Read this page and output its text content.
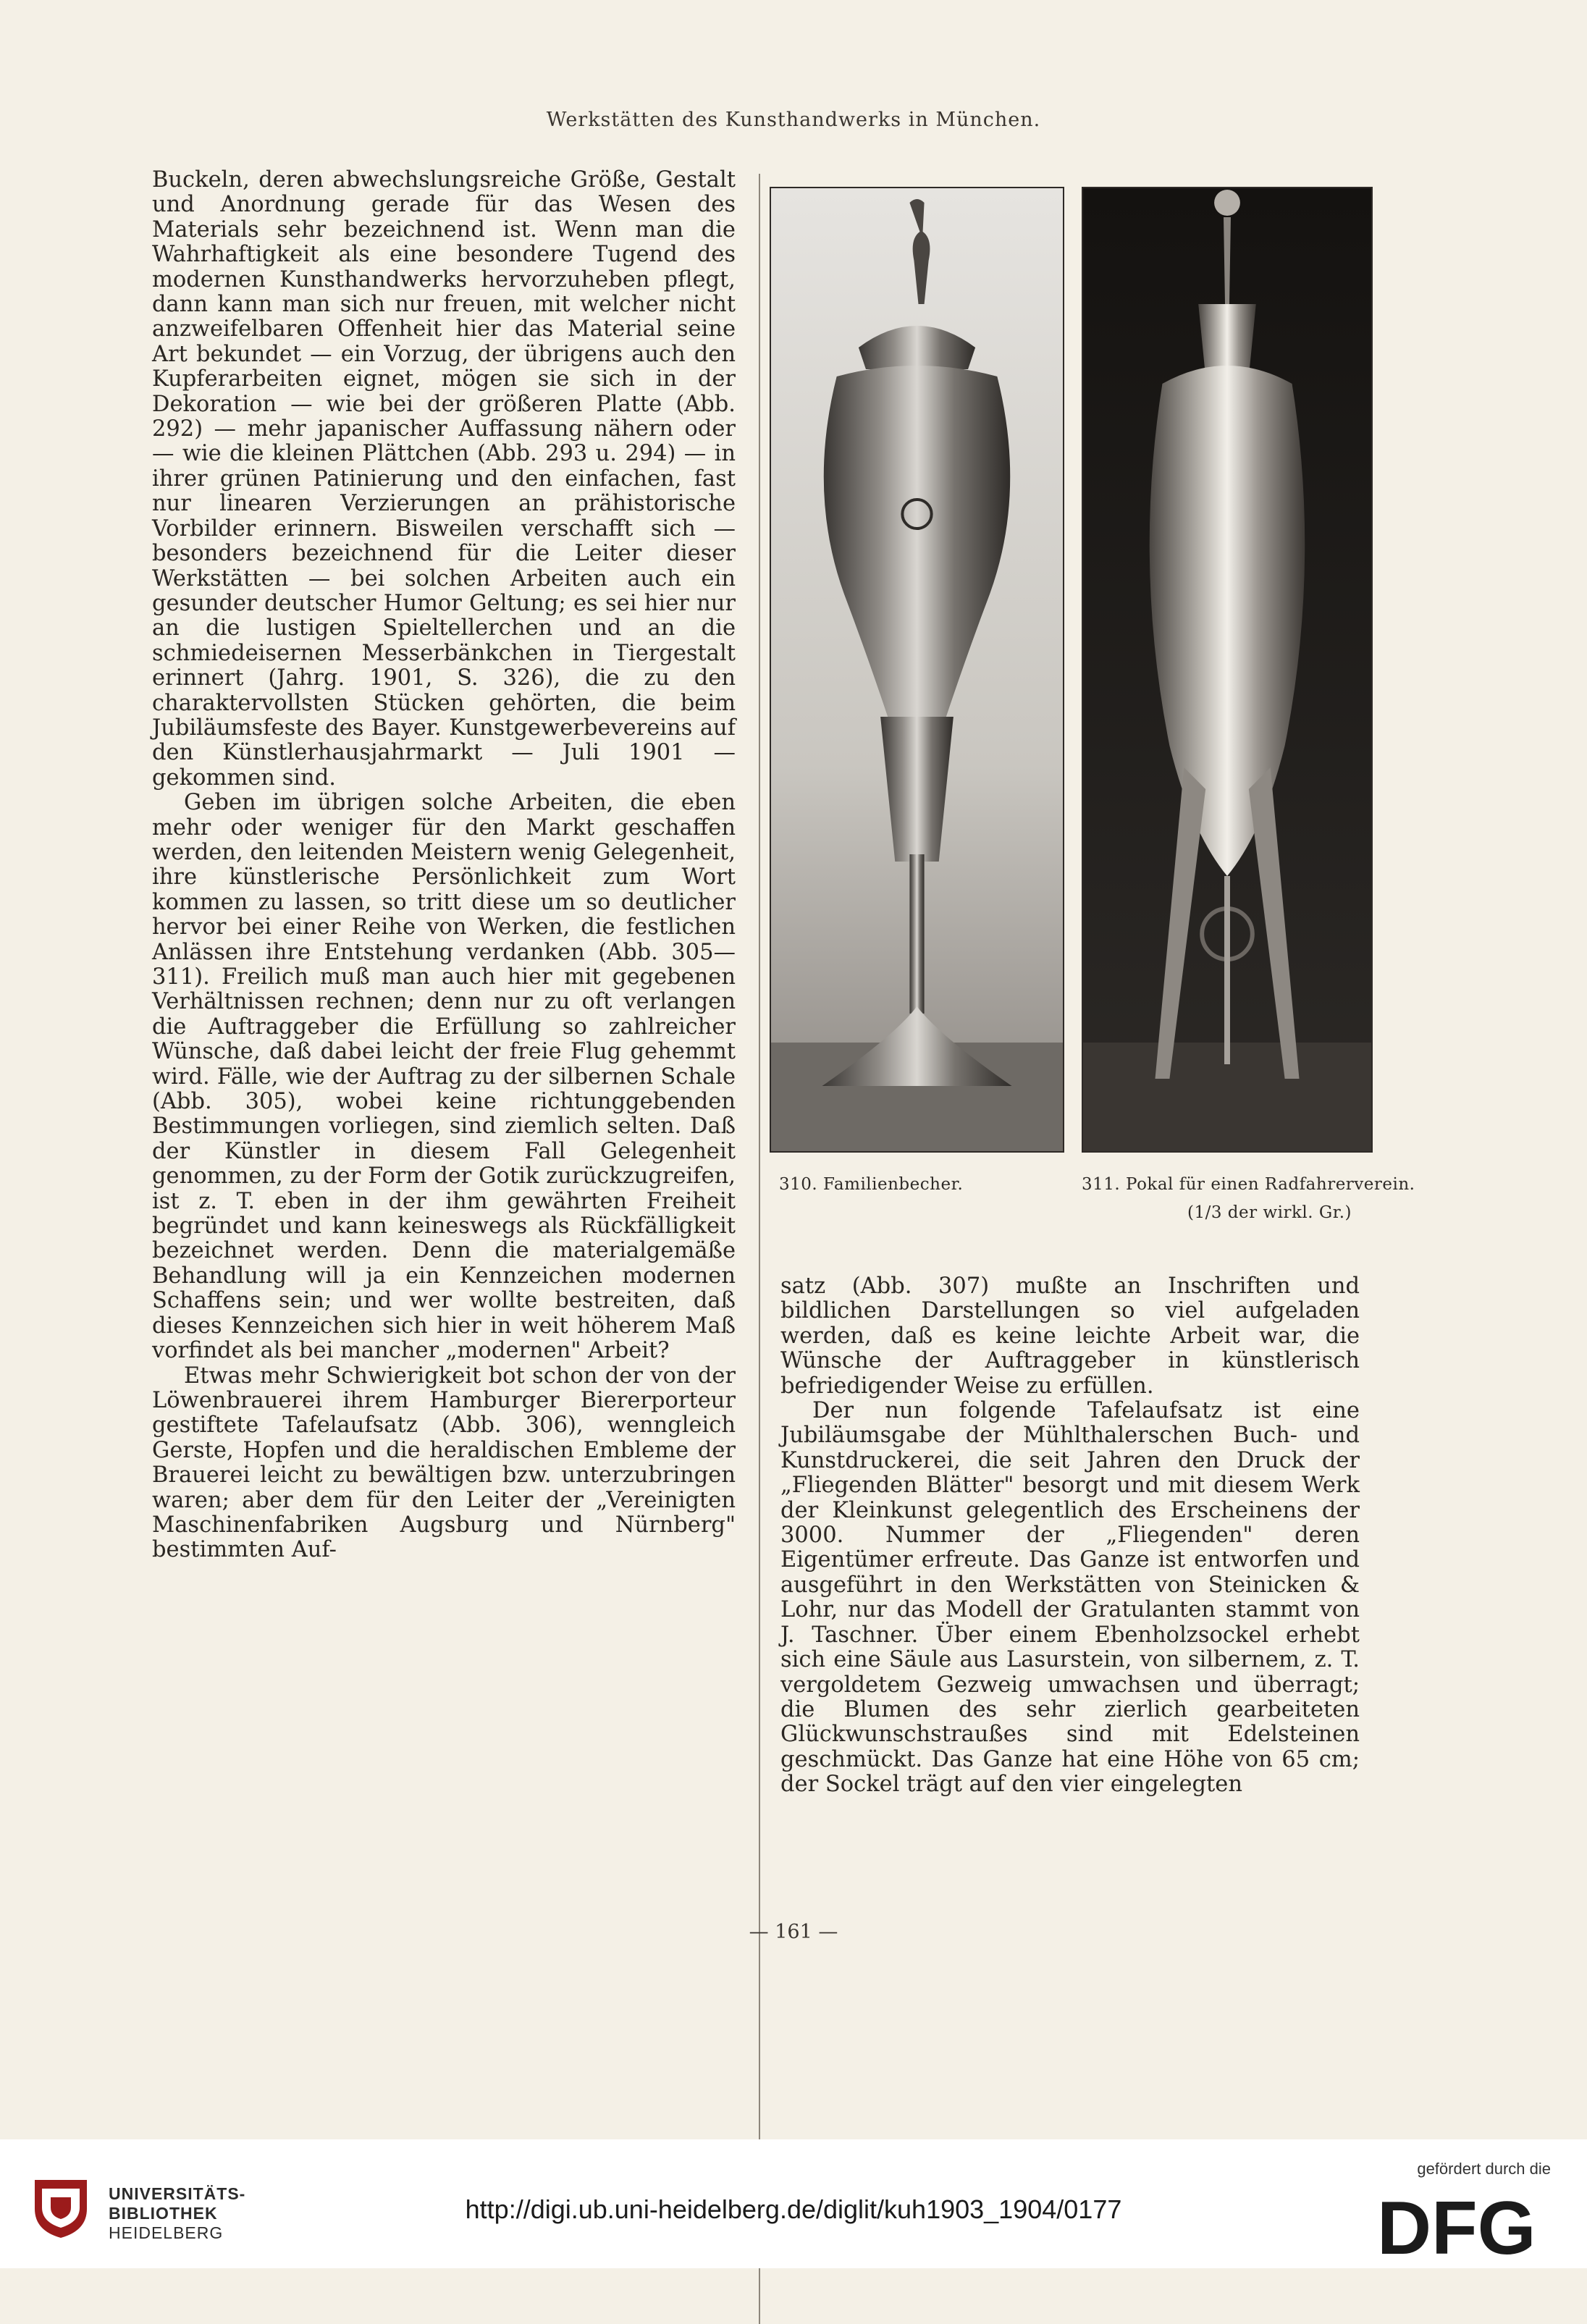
Werkstätten des Kunsthandwerks in München.

Buckeln, deren abwechslungsreiche Größe, Gestalt und Anordnung gerade für das Wesen des Materials sehr bezeichnend ist. Wenn man die Wahrhaftigkeit als eine besondere Tugend des modernen Kunsthandwerks hervorzuheben pflegt, dann kann man sich nur freuen, mit welcher nicht anzweifelbaren Offenheit hier das Material seine Art bekundet — ein Vorzug, der übrigens auch den Kupferarbeiten eignet, mögen sie sich in der Dekoration — wie bei der größeren Platte (Abb. 292) — mehr japanischer Auffassung nähern oder — wie die kleinen Plättchen (Abb. 293 u. 294) — in ihrer grünen Patinierung und den einfachen, fast nur linearen Verzierungen an prähistorische Vorbilder erinnern. Bisweilen verschafft sich — besonders bezeichnend für die Leiter dieser Werkstätten — bei solchen Arbeiten auch ein gesunder deutscher Humor Geltung; es sei hier nur an die lustigen Spieltellerchen und an die schmiedeisernen Messerbänkchen in Tiergestalt erinnert (Jahrg. 1901, S. 326), die zu den charaktervollsten Stücken gehörten, die beim Jubiläumsfeste des Bayer. Kunstgewerbevereins auf den Künstlerhausjahrmarkt — Juli 1901 — gekommen sind.

Geben im übrigen solche Arbeiten, die eben mehr oder weniger für den Markt geschaffen werden, den leitenden Meistern wenig Gelegenheit, ihre künstlerische Persönlichkeit zum Wort kommen zu lassen, so tritt diese um so deutlicher hervor bei einer Reihe von Werken, die festlichen Anlässen ihre Entstehung verdanken (Abb. 305—311). Freilich muß man auch hier mit gegebenen Verhältnissen rechnen; denn nur zu oft verlangen die Auftraggeber die Erfüllung so zahlreicher Wünsche, daß dabei leicht der freie Flug gehemmt wird. Fälle, wie der Auftrag zu der silbernen Schale (Abb. 305), wobei keine richtunggebenden Bestimmungen vorliegen, sind ziemlich selten. Daß der Künstler in diesem Fall Gelegenheit genommen, zu der Form der Gotik zurückzugreifen, ist z. T. eben in der ihm gewährten Freiheit begründet und kann keineswegs als Rückfälligkeit bezeichnet werden. Denn die materialgemäße Behandlung will ja ein Kennzeichen modernen Schaffens sein; und wer wollte bestreiten, daß dieses Kennzeichen sich hier in weit höherem Maß vorfindet als bei mancher „modernen" Arbeit?

Etwas mehr Schwierigkeit bot schon der von der Löwenbrauerei ihrem Hamburger Biererporteur gestiftete Tafelaufsatz (Abb. 306), wenngleich Gerste, Hopfen und die heraldischen Embleme der Brauerei leicht zu bewältigen bzw. unterzubringen waren; aber dem für den Leiter der „Vereinigten Maschinenfabriken Augsburg und Nürnberg" bestimmten Auf-

310. Familienbecher.	311. Pokal für einen Radfahrerverein.
(1/3 der wirkl. Gr.)

satz (Abb. 307) mußte an Inschriften und bildlichen Darstellungen so viel aufgeladen werden, daß es keine leichte Arbeit war, die Wünsche der Auftraggeber in künstlerisch befriedigender Weise zu erfüllen.

Der nun folgende Tafelaufsatz ist eine Jubiläumsgabe der Mühlthalerschen Buch- und Kunstdruckerei, die seit Jahren den Druck der „Fliegenden Blätter" besorgt und mit diesem Werk der Kleinkunst gelegentlich des Erscheinens der 3000. Nummer der „Fliegenden" deren Eigentümer erfreute. Das Ganze ist entworfen und ausgeführt in den Werkstätten von Steinicken & Lohr, nur das Modell der Gratulanten stammt von J. Taschner. Über einem Ebenholzsockel erhebt sich eine Säule aus Lasurstein, von silbernem, z. T. vergoldetem Gezweig umwachsen und überragt; die Blumen des sehr zierlich gearbeiteten Glückwunschstraußes sind mit Edelsteinen geschmückt. Das Ganze hat eine Höhe von 65 cm; der Sockel trägt auf den vier eingelegten

— 161 —
UNIVERSITÄTS-
BIBLIOTHEK
HEIDELBERG
http://digi.ub.uni-heidelberg.de/diglit/kuh1903_1904/0177
gefördert durch die
DFG
